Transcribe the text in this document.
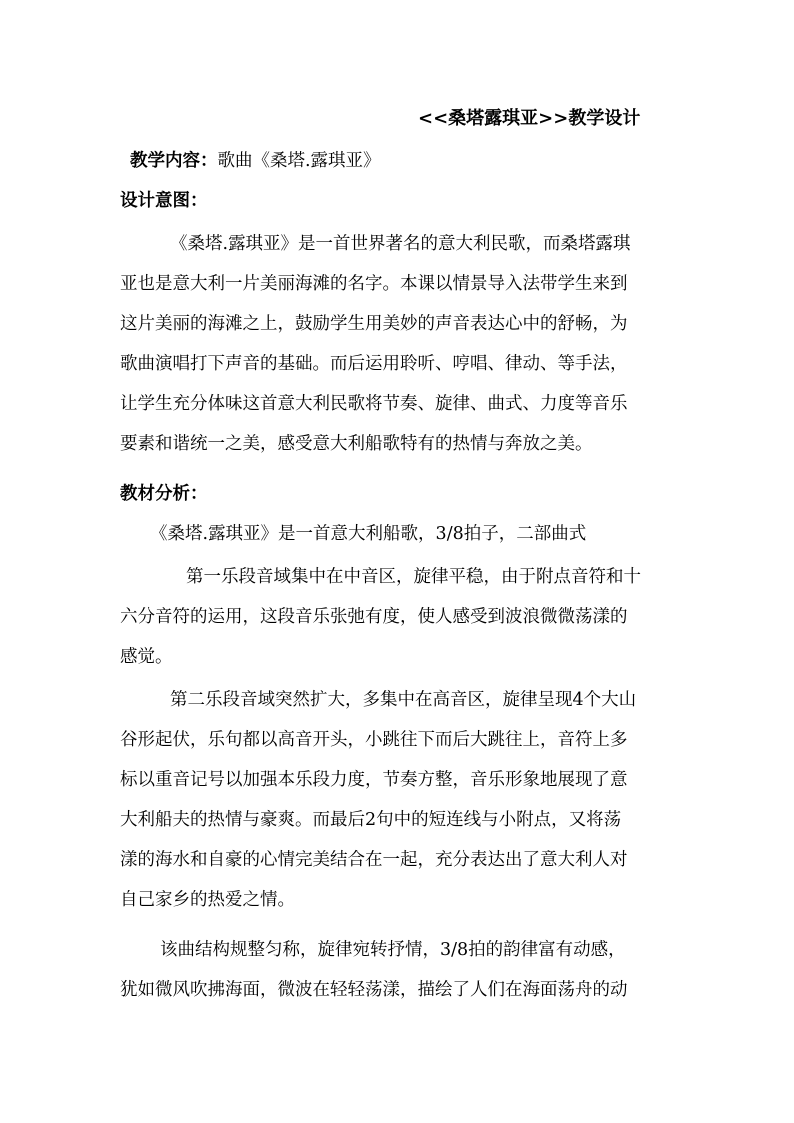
<<桑塔露琪亚>>教学设计
教学内容：歌曲《桑塔.露琪亚》
设计意图：
《桑塔.露琪亚》是一首世界著名的意大利民歌，而桑塔露琪
亚也是意大利一片美丽海滩的名字。本课以情景导入法带学生来到
这片美丽的海滩之上，鼓励学生用美妙的声音表达心中的舒畅，为
歌曲演唱打下声音的基础。而后运用聆听、哼唱、律动、等手法，
让学生充分体味这首意大利民歌将节奏、旋律、曲式、力度等音乐
要素和谐统一之美，感受意大利船歌特有的热情与奔放之美。
教材分析：
《桑塔.露琪亚》是一首意大利船歌，3/8拍子，二部曲式
第一乐段音域集中在中音区，旋律平稳，由于附点音符和十
六分音符的运用，这段音乐张弛有度，使人感受到波浪微微荡漾的
感觉。
第二乐段音域突然扩大，多集中在高音区，旋律呈现4个大山
谷形起伏，乐句都以高音开头，小跳往下而后大跳往上，音符上多
标以重音记号以加强本乐段力度，节奏方整，音乐形象地展现了意
大利船夫的热情与豪爽。而最后2句中的短连线与小附点，又将荡
漾的海水和自豪的心情完美结合在一起，充分表达出了意大利人对
自己家乡的热爱之情。
该曲结构规整匀称，旋律宛转抒情，3/8拍的韵律富有动感，
犹如微风吹拂海面，微波在轻轻荡漾，描绘了人们在海面荡舟的动
